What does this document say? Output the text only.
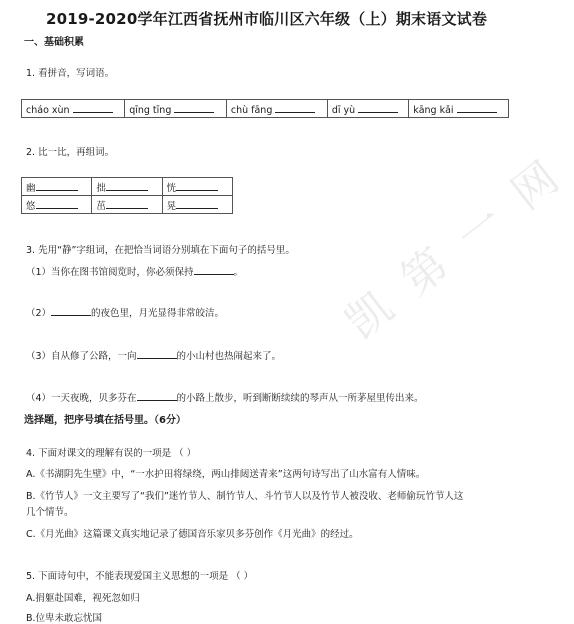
2019-2020学年江西省抚州市临川区六年级（上）期末语文试卷
一、基础积累
1. 看拼音，写词语。
cháo xùn	qīng tīng	chù fāng	dī yù	kāng kǎi
2. 比一比，再组词。
幽	拙	恍
悠	茁	晃
3. 先用“静”字组词，在把恰当词语分别填在下面句子的括号里。
（1）当你在图书馆阅览时，你必须保持	。
（2）	的夜色里，月光显得非常皎洁。
（3）自从修了公路，一向	的小山村也热闹起来了。
（4）一天夜晚，贝多芬在	的小路上散步，听到断断续续的琴声从一所茅屋里传出来。
选择题，把序号填在括号里。（6分）
4. 下面对课文的理解有误的一项是 （ ）
A.《书湖阴先生壁》中，“一水护田将绿绕，两山排闼送青来”这两句诗写出了山水富有人情味。
B.《竹节人》一文主要写了“我们”迷竹节人、制竹节人、斗竹节人以及竹节人被没收、老师偷玩竹节人这
几个情节。
C.《月光曲》这篇课文真实地记录了德国音乐家贝多芬创作《月光曲》的经过。
5. 下面诗句中，不能表现爱国主义思想的一项是 （ ）
A.捐躯赴国难，视死忽如归
B.位卑未敢忘忧国
凯 第 一 网
